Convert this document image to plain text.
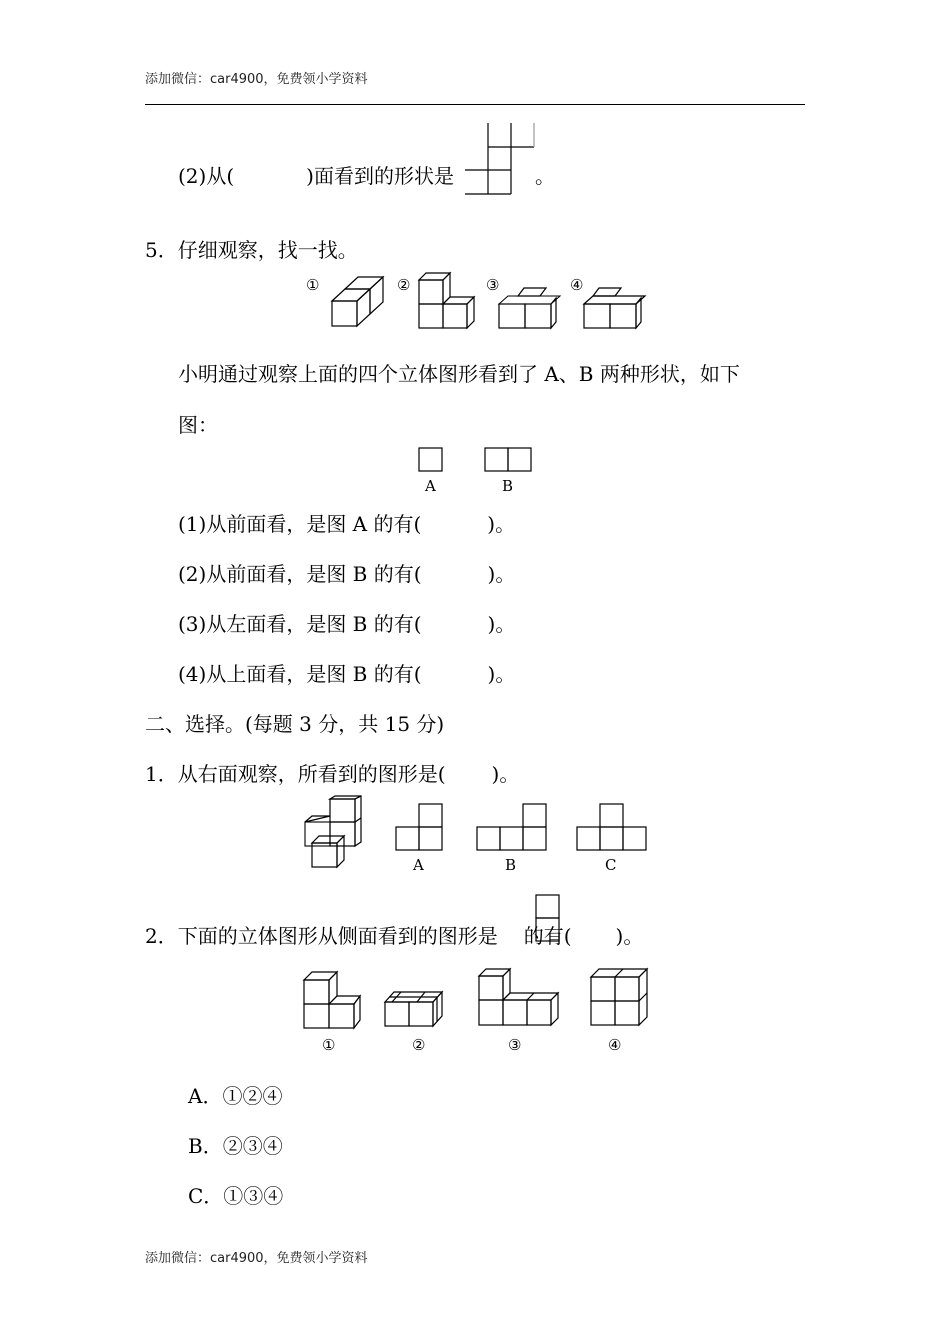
添加微信：car4900，免费领小学资料
(2)从(	)面看到的形状是	。
5．仔细观察，找一找。
①	②	③	④
小明通过观察上面的四个立体图形看到了 A、B 两种形状，如下
图：
A	B
(1)从前面看，是图 A 的有(	)。
(2)从前面看，是图 B 的有(	)。
(3)从左面看，是图 B 的有(	)。
(4)从上面看，是图 B 的有(	)。
二、选择。(每题 3 分，共 15 分)
1．从右面观察，所看到的图形是( )。
A	B	C
2．下面的立体图形从侧面看到的图形是 的有( )。
①	②	③	④
A．①②④
B．②③④
C．①③④
添加微信：car4900，免费领小学资料
